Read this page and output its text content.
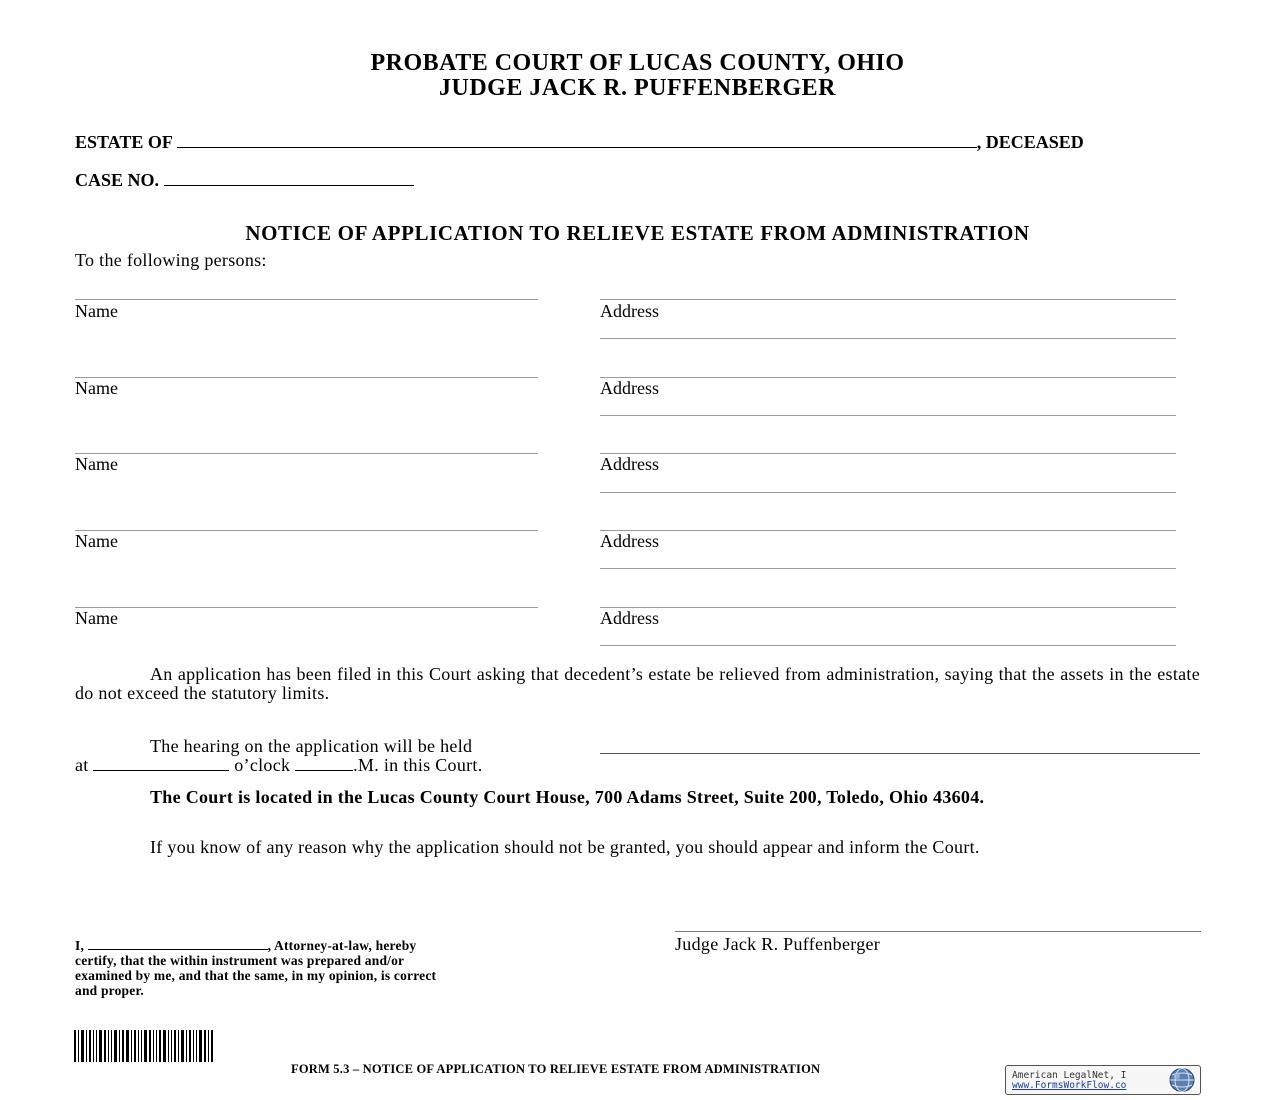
PROBATE COURT OF LUCAS COUNTY, OHIO
JUDGE JACK R. PUFFENBERGER
ESTATE OF	, DECEASED
CASE NO.
NOTICE OF APPLICATION TO RELIEVE ESTATE FROM ADMINISTRATION
To the following persons:
Name	Address
Name	Address
Name	Address
Name	Address
Name	Address
An application has been filed in this Court asking that decedent’s estate be relieved from administration, saying that the assets in the estate do not exceed the statutory limits.
The hearing on the application will be held
at	o’clock	.M. in this Court.
The Court is located in the Lucas County Court House, 700 Adams Street, Suite 200, Toledo, Ohio 43604.
If you know of any reason why the application should not be granted, you should appear and inform the Court.
Judge Jack R. Puffenberger
I,	, Attorney-at-law, hereby certify, that the within instrument was prepared and/or examined by me, and that the same, in my opinion, is correct and proper.
FORM 5.3 – NOTICE OF APPLICATION TO RELIEVE ESTATE FROM ADMINISTRATION	American LegalNet, I
www.FormsWorkFlow.co
